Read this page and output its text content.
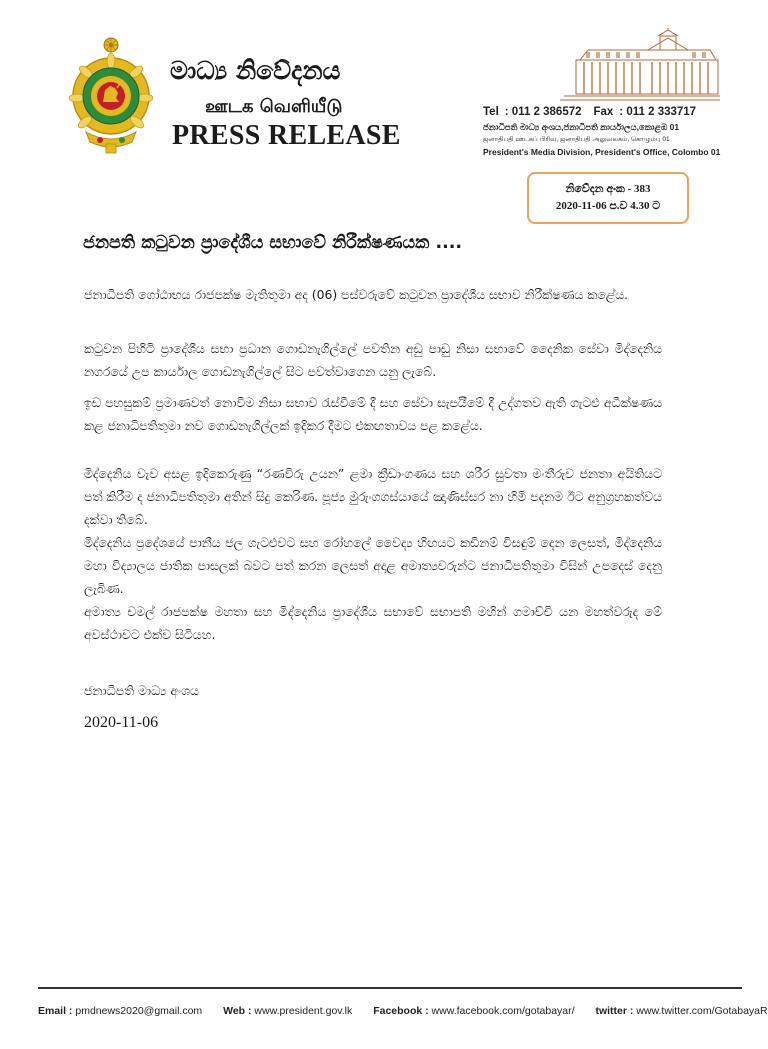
මාධ්‍ය නිවේදනය
ஊடக வெளியீடு
PRESS RELEASE
Tel : 011 2 386572 Fax : 011 2 333717
ජනාධිපති මාධ්‍ය අංශය,ජනාධිපති කාර්යාලය,කොළඹ 01
ஜனாதிபதி ஊடகப் பிரிவு, ஜனாதிபதி அலுவலகம், கொழும்பு 01
President's Media Division, President's Office, Colombo 01
නිවේදන අංක - 383
2020-11-06 ප.ව 4.30 ට
ජනපති කටුවන ප්‍රාදේශීය සභාවේ නිරීක්ෂණයක ....
ජනාධිපති ගෝඨාභය රාජපක්ෂ මැතිතුමා අද (06) පස්වරුවේ කටුවන ප්‍රාදේශීය සභාව නිරීක්ෂණය කළේය.
කටුවන පිහිටි ප්‍රාදේශීය සභා ප්‍රධාන ගොඩනැගිල්ලේ පවතින අඩු පාඩු නිසා සභාවේ දෛනික සේවා මිද්දෙනිය නගරයේ උප කාර්යාල ගොඩනැගිල්ලේ සිට පවත්වාගෙන යනු ලැබේ.
ඉඩ පහසුකම් ප්‍රමාණවත් නොවීම නිසා සභාව රැස්වීමේ දී සහ සේවා සැපයීමේ දී උද්ගතව ඇති ගැටළු අධීක්ෂණය කළ ජනාධිපතිතුමා නව ගොඩනැගිල්ලක් ඉදිකර දීමට එකඟතාවය පළ කළේය.
මිද්දෙනිය වැව අසළ ඉදිකෙරුණු “රණවිරු උයන” ළමා ක්‍රීඩාංගණය සහ ශරීර සුවතා මංතීරුව ජනතා අයිතියට පත් කිරීම ද ජනාධිපතිතුමා අතින් සිදු කෙරිණ. පූජ්‍ය මුරුංගගස්යායේ ඤාණිස්සර නා හිමි පදනම ඊට අනුග්‍රහකත්වය දක්වා තිබේ.
මිද්දෙනිය ප්‍රදේශයේ පානීය ජල ගැටළුවට සහ රෝහලේ වෛද්‍ය හිඟයට කඩිනම් විසඳුම් දෙන ලෙසත්, මිද්දෙනිය මහා විද්‍යාලය ජාතික පාසලක් බවට පත් කරන ලෙසත් අදාළ අමාත්‍යවරුන්ට ජනාධිපතිතුමා විසින් උපදෙස් දෙනු ලැබිණ.
අමාත්‍ය චමල් රාජපක්ෂ මහතා සහ මිද්දෙනිය ප්‍රාදේශීය සභාවේ සභාපති මහින් ගමාච්චි යන මහත්වරුද මේ අවස්ථාවට එක්ව සිටියහ.
ජනාධිපති මාධ්‍ය අංශය
2020-11-06
Email : pmdnews2020@gmail.com Web : www.president.gov.lk Facebook : www.facebook.com/gotabayar/ twitter : www.twitter.com/GotabayaR
